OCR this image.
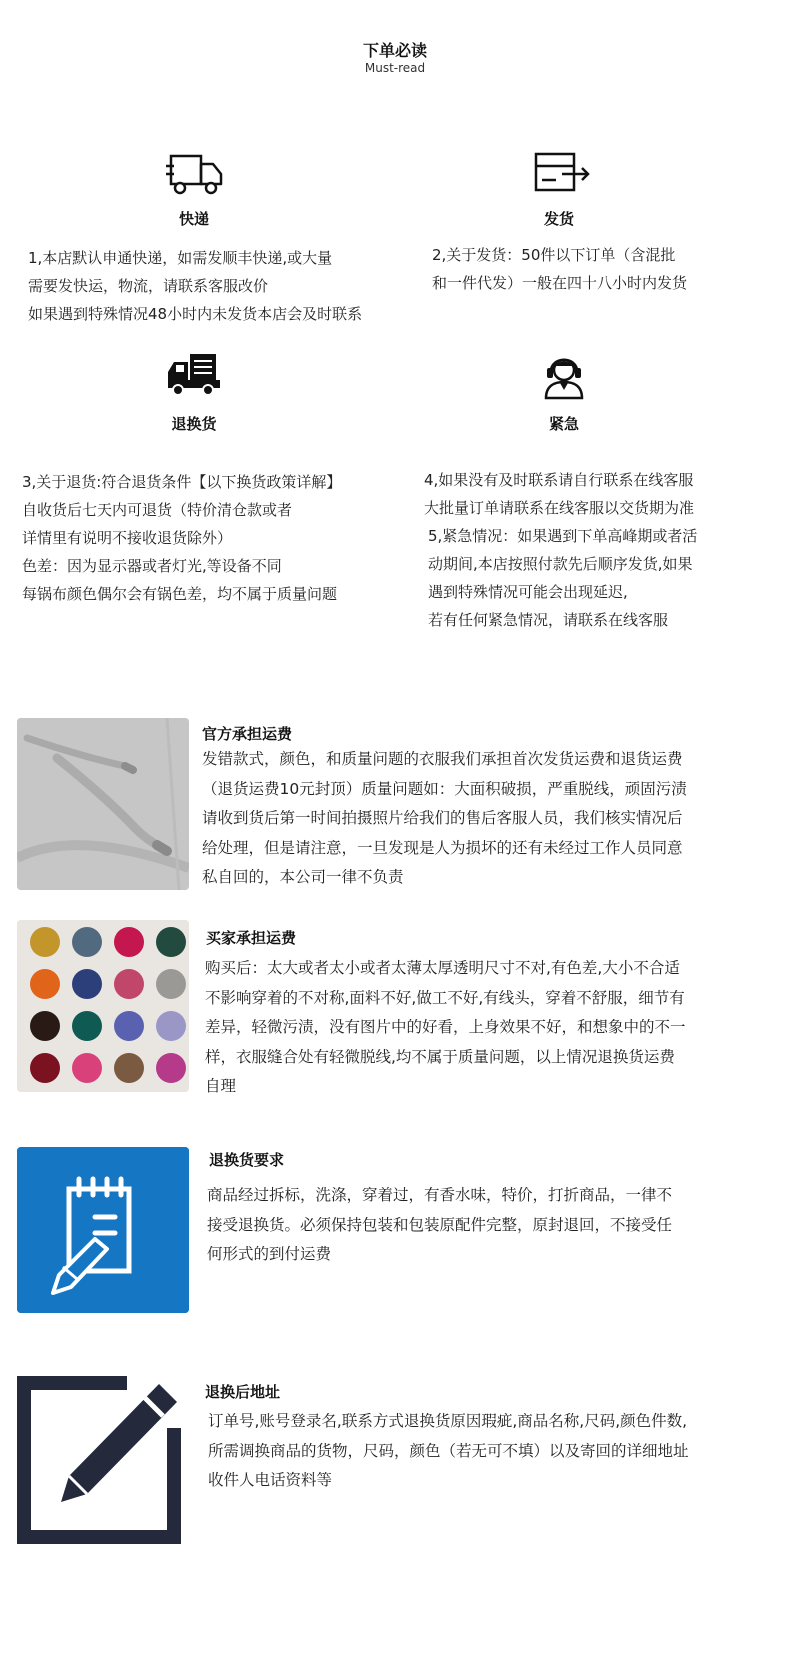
下单必读
Must-read
快递
1,本店默认申通快递，如需发顺丰快递,或大量
需要发快运，物流，请联系客服改价
如果遇到特殊情况48小时内未发货本店会及时联系
发货
2,关于发货：50件以下订单（含混批
和一件代发）一般在四十八小时内发货
退换货
3,关于退货:符合退货条件【以下换货政策详解】
自收货后七天内可退货（特价清仓款或者
详情里有说明不接收退货除外）
色差：因为显示器或者灯光,等设备不同
每锅布颜色偶尔会有锅色差，均不属于质量问题
紧急
4,如果没有及时联系请自行联系在线客服
大批量订单请联系在线客服以交货期为准
5,紧急情况：如果遇到下单高峰期或者活
动期间,本店按照付款先后顺序发货,如果
遇到特殊情况可能会出现延迟,
若有任何紧急情况，请联系在线客服
官方承担运费
发错款式，颜色，和质量问题的衣服我们承担首次发货运费和退货运费
（退货运费10元封顶）质量问题如：大面积破损，严重脱线，顽固污渍
请收到货后第一时间拍摄照片给我们的售后客服人员，我们核实情况后
给处理，但是请注意，一旦发现是人为损坏的还有未经过工作人员同意
私自回的，本公司一律不负责
买家承担运费
购买后：太大或者太小或者太薄太厚透明尺寸不对,有色差,大小不合适
不影响穿着的不对称,面料不好,做工不好,有线头，穿着不舒服，细节有
差异，轻微污渍，没有图片中的好看，上身效果不好，和想象中的不一
样，衣服缝合处有轻微脱线,均不属于质量问题，以上情况退换货运费
自理
退换货要求
商品经过拆标，洗涤，穿着过，有香水味，特价，打折商品，一律不
接受退换货。必须保持包装和包装原配件完整，原封退回，不接受任
何形式的到付运费
退换后地址
订单号,账号登录名,联系方式退换货原因瑕疵,商品名称,尺码,颜色件数,
所需调换商品的货物，尺码，颜色（若无可不填）以及寄回的详细地址
收件人电话资料等
